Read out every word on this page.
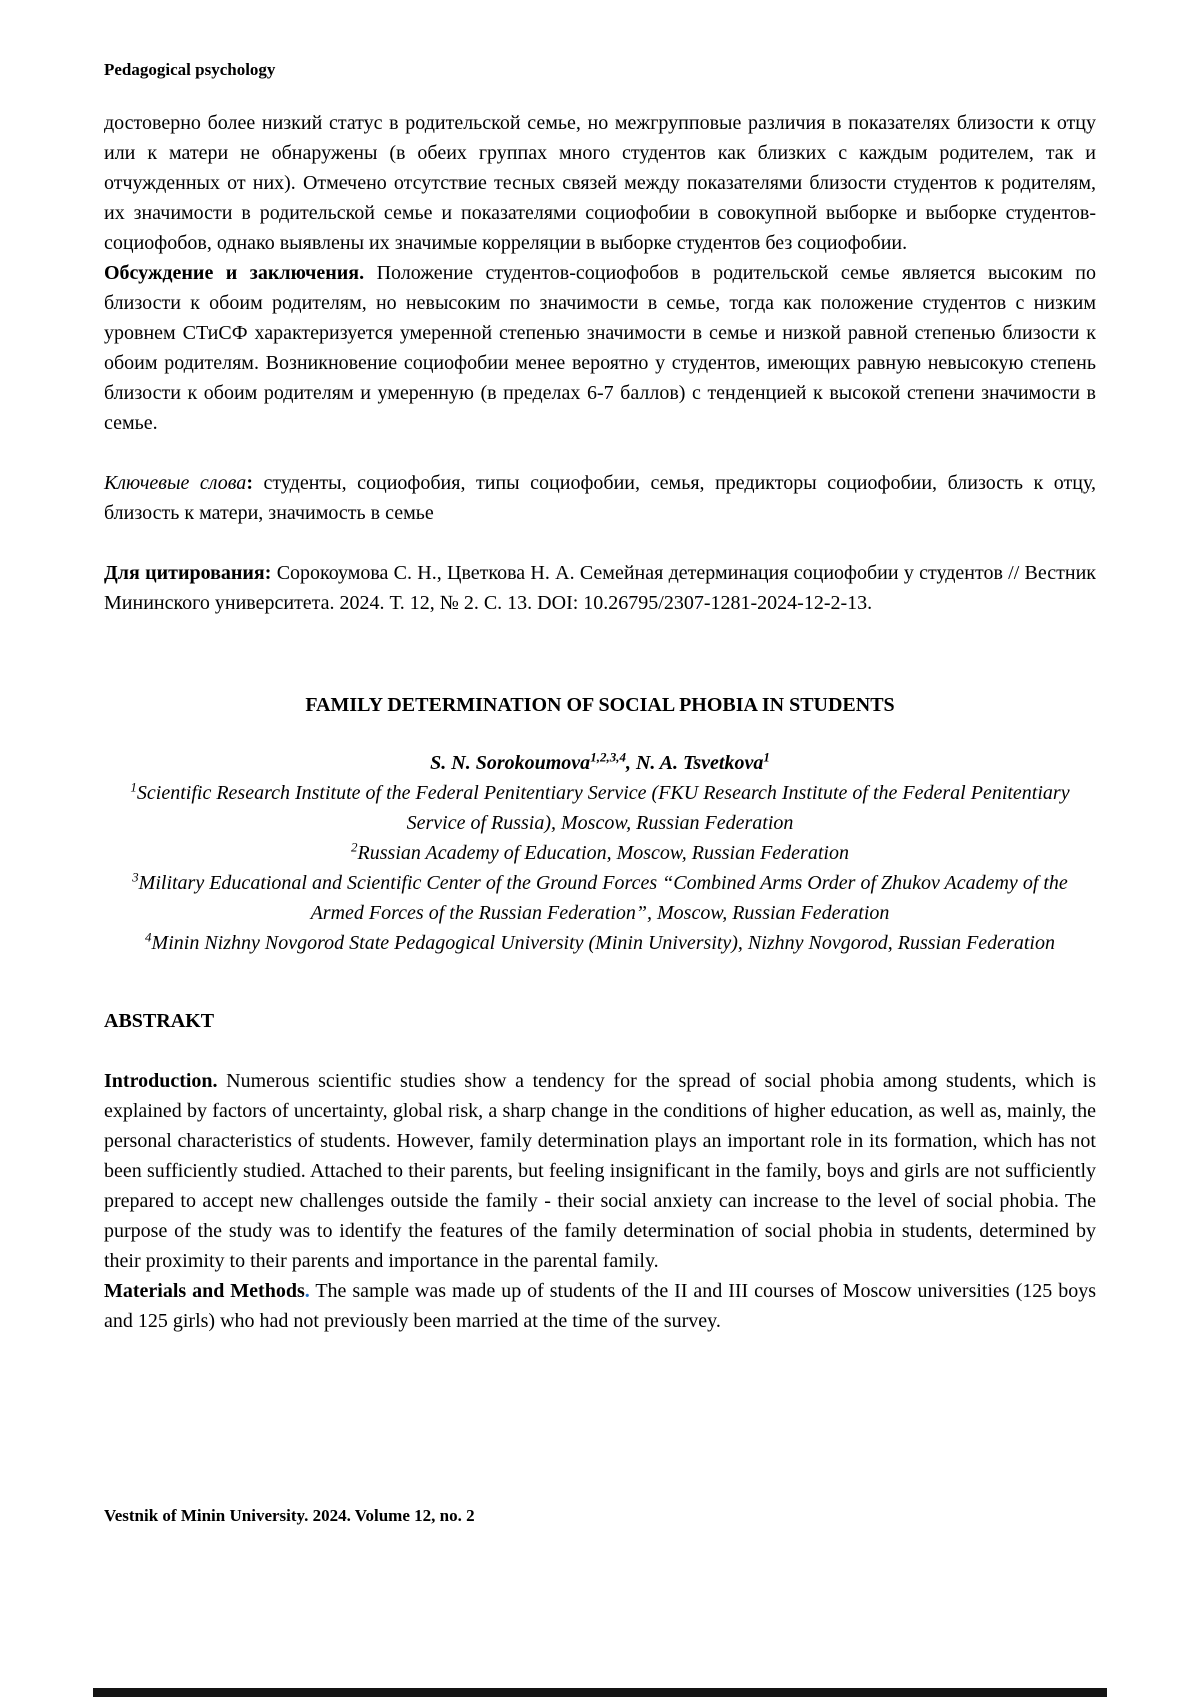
Pedagogical psychology

достоверно более низкий статус в родительской семье, но межгрупповые различия в показателях близости к отцу или к матери не обнаружены (в обеих группах много студентов как близких с каждым родителем, так и отчужденных от них). Отмечено отсутствие тесных связей между показателями близости студентов к родителям, их значимости в родительской семье и показателями социофобии в совокупной выборке и выборке студентов-социофобов, однако выявлены их значимые корреляции в выборке студентов без социофобии.

Обсуждение и заключения. Положение студентов-социофобов в родительской семье является высоким по близости к обоим родителям, но невысоким по значимости в семье, тогда как положение студентов с низким уровнем СТиСФ характеризуется умеренной степенью значимости в семье и низкой равной степенью близости к обоим родителям. Возникновение социофобии менее вероятно у студентов, имеющих равную невысокую степень близости к обоим родителям и умеренную (в пределах 6-7 баллов) с тенденцией к высокой степени значимости в семье.

Ключевые слова: студенты, социофобия, типы социофобии, семья, предикторы социофобии, близость к отцу, близость к матери, значимость в семье

Для цитирования: Сорокоумова С. Н., Цветкова Н. А. Семейная детерминация социофобии у студентов // Вестник Мининского университета. 2024. Т. 12, № 2. С. 13. DOI: 10.26795/2307-1281-2024-12-2-13.

FAMILY DETERMINATION OF SOCIAL PHOBIA IN STUDENTS
S. N. Sorokoumova$^{1,2,3,4}$, N. A. Tsvetkova$^1$

$^1$Scientific Research Institute of the Federal Penitentiary Service (FKU Research Institute of the Federal Penitentiary Service of Russia), Moscow, Russian Federation

$^2$Russian Academy of Education, Moscow, Russian Federation

$^3$Military Educational and Scientific Center of the Ground Forces “Combined Arms Order of Zhukov Academy of the Armed Forces of the Russian Federation”, Moscow, Russian Federation

$^4$Minin Nizhny Novgorod State Pedagogical University (Minin University), Nizhny Novgorod, Russian Federation

ABSTRAKT

Introduction. Numerous scientific studies show a tendency for the spread of social phobia among students, which is explained by factors of uncertainty, global risk, a sharp change in the conditions of higher education, as well as, mainly, the personal characteristics of students. However, family determination plays an important role in its formation, which has not been sufficiently studied. Attached to their parents, but feeling insignificant in the family, boys and girls are not sufficiently prepared to accept new challenges outside the family - their social anxiety can increase to the level of social phobia. The purpose of the study was to identify the features of the family determination of social phobia in students, determined by their proximity to their parents and importance in the parental family.

Materials and Methods. The sample was made up of students of the II and III courses of Moscow universities (125 boys and 125 girls) who had not previously been married at the time of the survey.

Vestnik of Minin University. 2024. Volume 12, no. 2
